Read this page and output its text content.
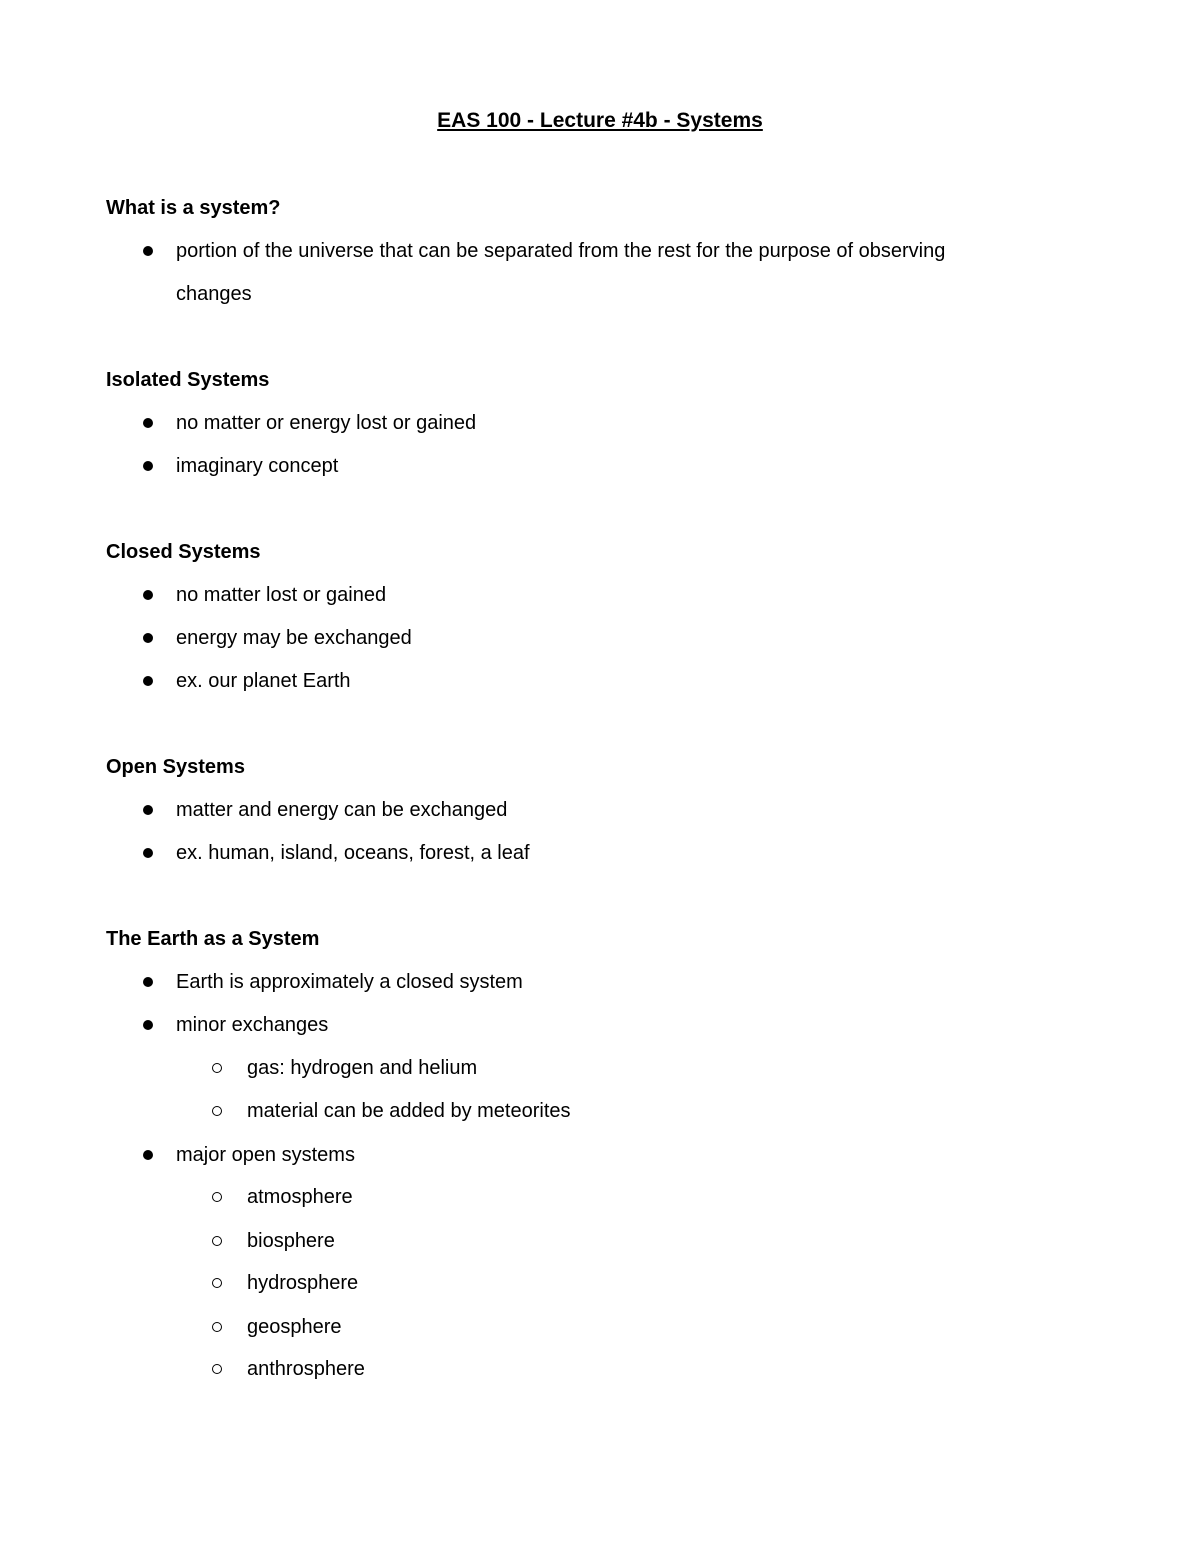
EAS 100 - Lecture #4b - Systems
What is a system?
portion of the universe that can be separated from the rest for the purpose of observing
changes
Isolated Systems
no matter or energy lost or gained
imaginary concept
Closed Systems
no matter lost or gained
energy may be exchanged
ex. our planet Earth
Open Systems
matter and energy can be exchanged
ex. human, island, oceans, forest, a leaf
The Earth as a System
Earth is approximately a closed system
minor exchanges
gas: hydrogen and helium
material can be added by meteorites
major open systems
atmosphere
biosphere
hydrosphere
geosphere
anthrosphere
